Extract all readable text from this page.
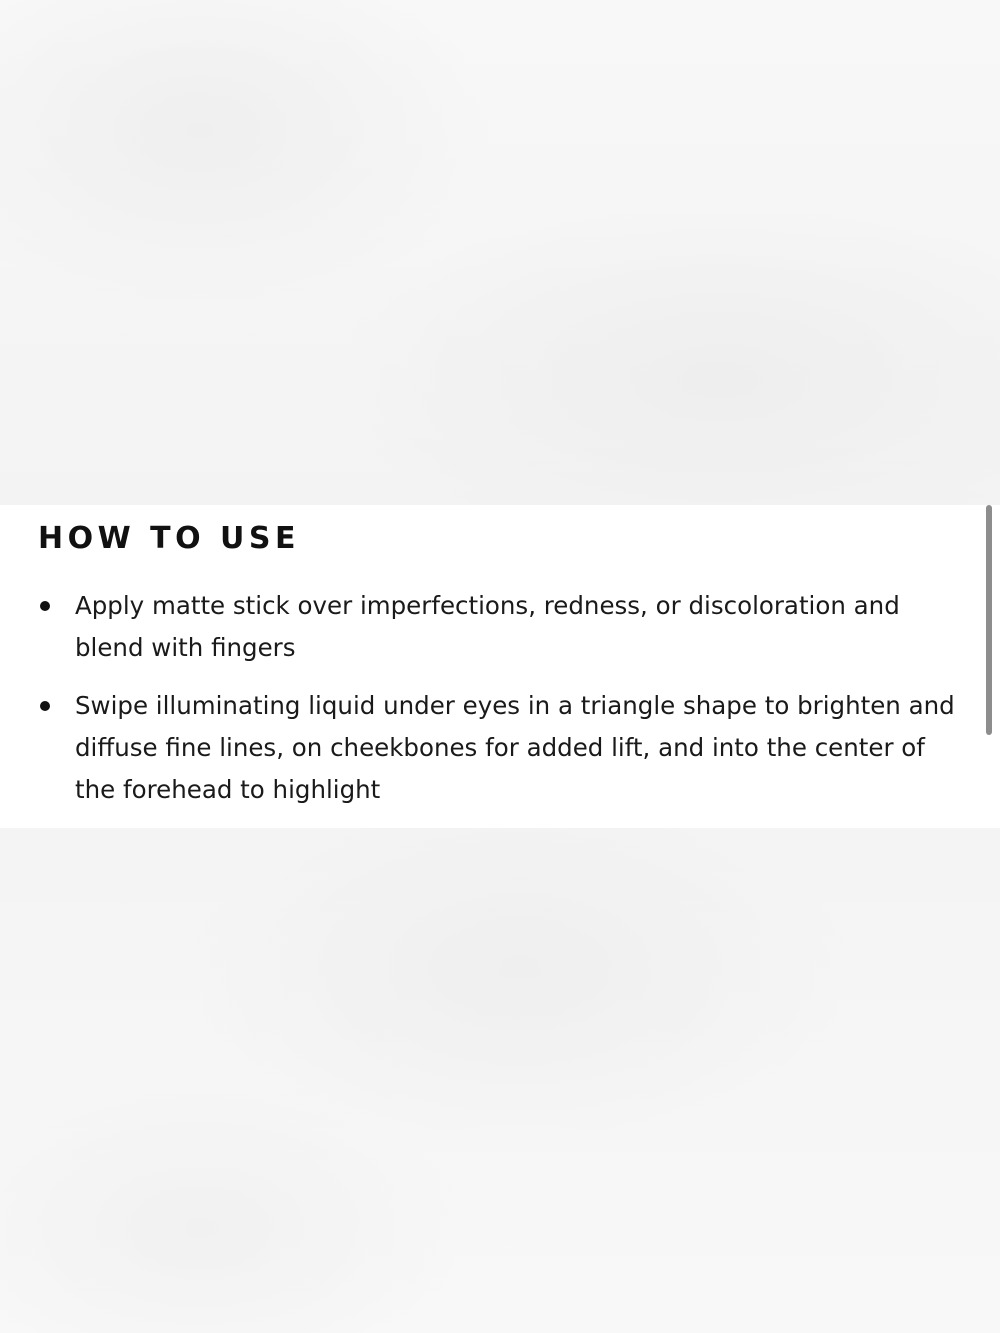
HOW TO USE
Apply matte stick over imperfections, redness, or discoloration and blend with fingers
Swipe illuminating liquid under eyes in a triangle shape to brighten and diffuse fine lines, on cheekbones for added lift, and into the center of the forehead to highlight
